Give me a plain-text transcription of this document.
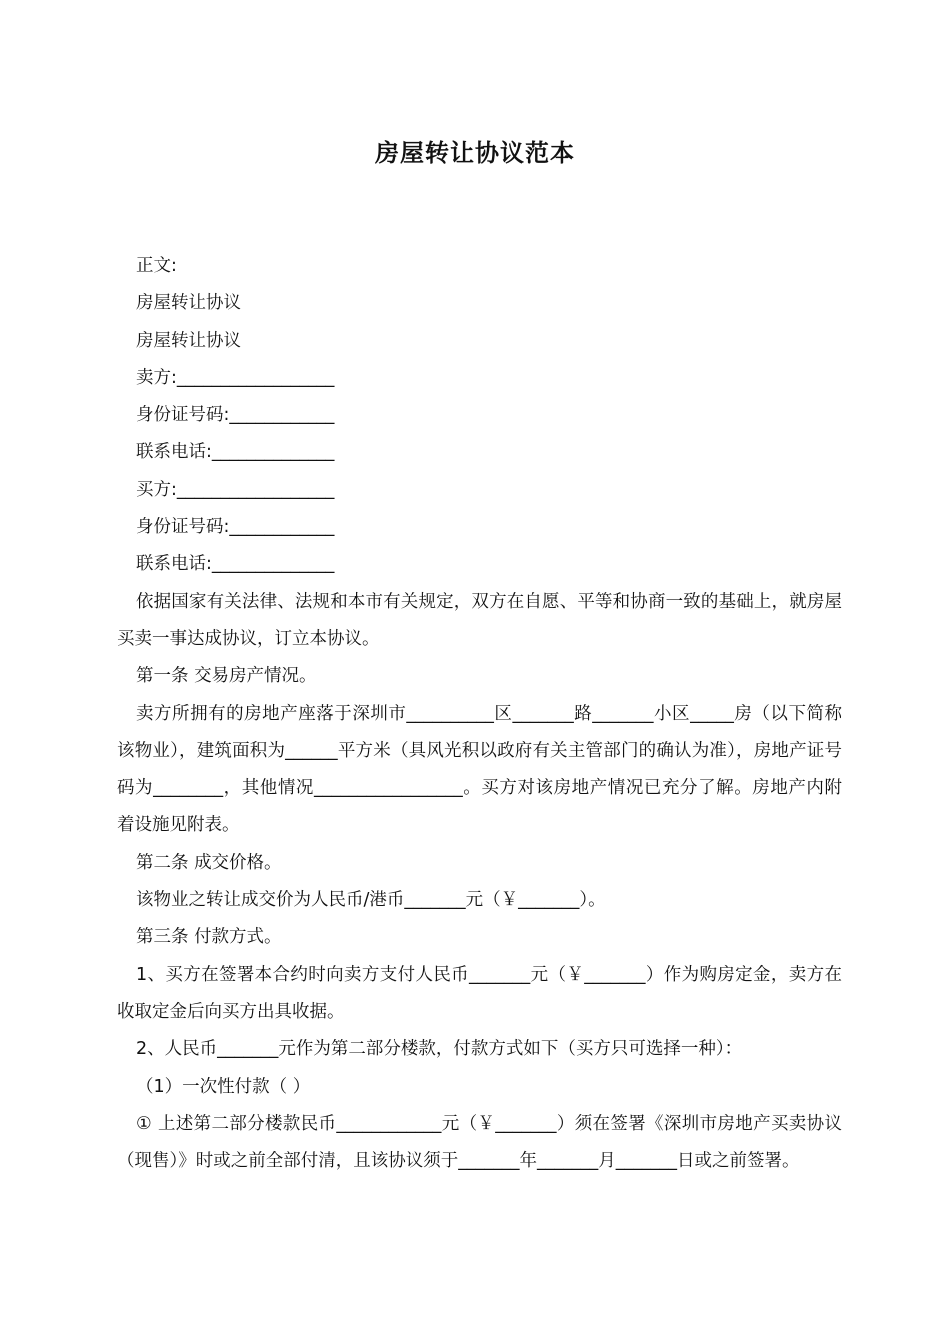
房屋转让协议范本

正文:

房屋转让协议

房屋转让协议

卖方:__________________

身份证号码:____________

联系电话:______________

买方:__________________

身份证号码:____________

联系电话:______________

依据国家有关法律、法规和本市有关规定，双方在自愿、平等和协商一致的基础上，就房屋买卖一事达成协议，订立本协议。

第一条 交易房产情况。

卖方所拥有的房地产座落于深圳市__________区_______路_______小区_____房（以下简称该物业），建筑面积为______平方米（具风光积以政府有关主管部门的确认为准），房地产证号码为________，其他情况_________________。买方对该房地产情况已充分了解。房地产内附着设施见附表。

第二条 成交价格。

该物业之转让成交价为人民币/港币_______元（￥_______）。

第三条 付款方式。

1、买方在签署本合约时向卖方支付人民币_______元（￥_______）作为购房定金，卖方在收取定金后向买方出具收据。

2、人民币_______元作为第二部分楼款，付款方式如下（买方只可选择一种）：

（1）一次性付款（ ）

① 上述第二部分楼款民币____________元（￥_______）须在签署《深圳市房地产买卖协议（现售）》时或之前全部付清，且该协议须于_______年_______月_______日或之前签署。
